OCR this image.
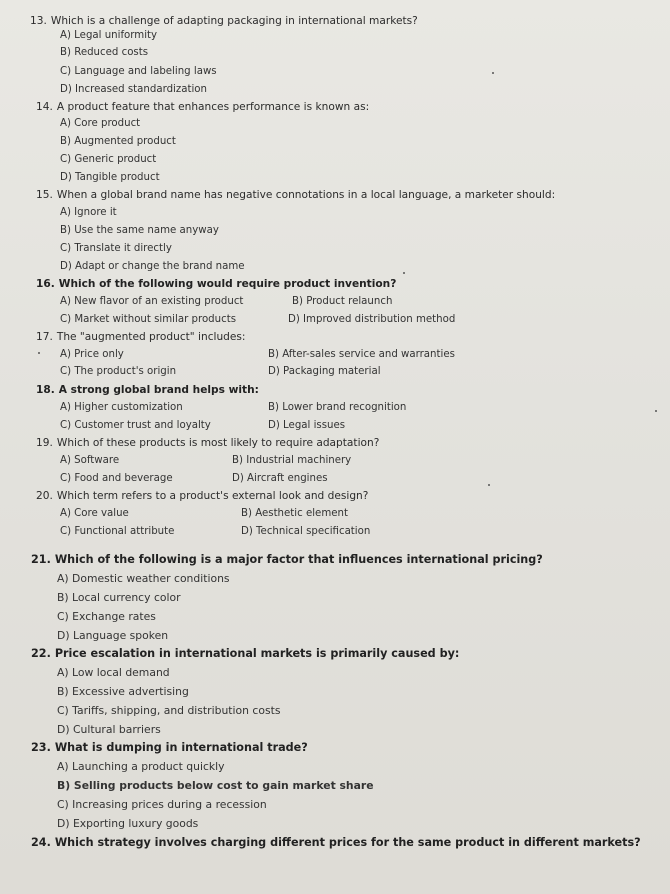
13. Which is a challenge of adapting packaging in international markets?
A) Legal uniformity
B) Reduced costs
C) Language and labeling laws
D) Increased standardization
14. A product feature that enhances performance is known as:
A) Core product
B) Augmented product
C) Generic product
D) Tangible product
15. When a global brand name has negative connotations in a local language, a marketer should:
A) Ignore it
B) Use the same name anyway
C) Translate it directly
D) Adapt or change the brand name
16. Which of the following would require product invention?
A) New flavor of an existing product	B) Product relaunch
C) Market without similar products	D) Improved distribution method
17. The "augmented product" includes:
A) Price only	B) After-sales service and warranties
C) The product's origin	D) Packaging material
18. A strong global brand helps with:
A) Higher customization	B) Lower brand recognition
C) Customer trust and loyalty	D) Legal issues
19. Which of these products is most likely to require adaptation?
A) Software	B) Industrial machinery
C) Food and beverage	D) Aircraft engines
20. Which term refers to a product's external look and design?
A) Core value	B) Aesthetic element
C) Functional attribute	D) Technical specification
21. Which of the following is a major factor that influences international pricing?
A) Domestic weather conditions
B) Local currency color
C) Exchange rates
D) Language spoken
22. Price escalation in international markets is primarily caused by:
A) Low local demand
B) Excessive advertising
C) Tariffs, shipping, and distribution costs
D) Cultural barriers
23. What is dumping in international trade?
A) Launching a product quickly
B) Selling products below cost to gain market share
C) Increasing prices during a recession
D) Exporting luxury goods
24. Which strategy involves charging different prices for the same product in different markets?
